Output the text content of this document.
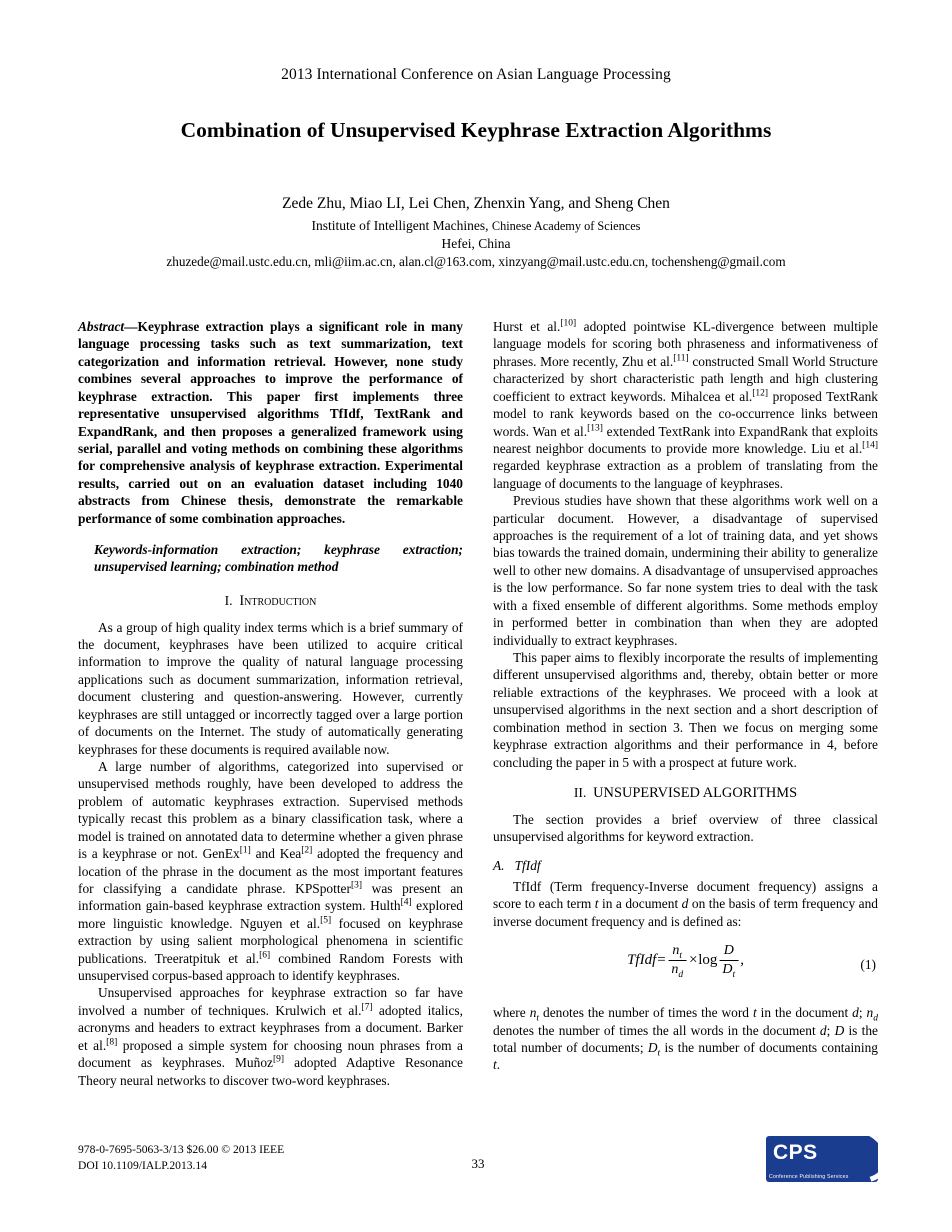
2013 International Conference on Asian Language Processing
Combination of Unsupervised Keyphrase Extraction Algorithms
Zede Zhu, Miao LI, Lei Chen, Zhenxin Yang, and Sheng Chen
Institute of Intelligent Machines, Chinese Academy of Sciences
Hefei, China
zhuzede@mail.ustc.edu.cn, mli@iim.ac.cn, alan.cl@163.com, xinzyang@mail.ustc.edu.cn, tochensheng@gmail.com
Abstract—Keyphrase extraction plays a significant role in many language processing tasks such as text summarization, text categorization and information retrieval. However, none study combines several approaches to improve the performance of keyphrase extraction. This paper first implements three representative unsupervised algorithms TfIdf, TextRank and ExpandRank, and then proposes a generalized framework using serial, parallel and voting methods on combining these algorithms for comprehensive analysis of keyphrase extraction. Experimental results, carried out on an evaluation dataset including 1040 abstracts from Chinese thesis, demonstrate the remarkable performance of some combination approaches.
Keywords-information extraction; keyphrase extraction; unsupervised learning; combination method
I. Introduction

As a group of high quality index terms which is a brief summary of the document, keyphrases have been utilized to acquire critical information to improve the quality of natural language processing applications such as document summarization, information retrieval, document clustering and question-answering. However, currently keyphrases are still untagged or incorrectly tagged over a large portion of documents on the Internet. The study of automatically generating keyphrases for these documents is required available now.

A large number of algorithms, categorized into supervised or unsupervised methods roughly, have been developed to address the problem of automatic keyphrases extraction. Supervised methods typically recast this problem as a binary classification task, where a model is trained on annotated data to determine whether a given phrase is a keyphrase or not. GenEx[1] and Kea[2] adopted the frequency and location of the phrase in the document as the most important features for classifying a candidate phrase. KPSpotter[3] was present an information gain-based keyphrase extraction system. Hulth[4] explored more linguistic knowledge. Nguyen et al.[5] focused on keyphrase extraction by using salient morphological phenomena in scientific publications. Treeratpituk et al.[6] combined Random Forests with unsupervised corpus-based approach to identify keyphrases.

Unsupervised approaches for keyphrase extraction so far have involved a number of techniques. Krulwich et al.[7] adopted italics, acronyms and headers to extract keyphrases from a document. Barker et al.[8] proposed a simple system for choosing noun phrases from a document as keyphrases. Muñoz[9] adopted Adaptive Resonance Theory neural networks to discover two-word keyphrases.

Hurst et al.[10] adopted pointwise KL-divergence between multiple language models for scoring both phraseness and informativeness of phrases. More recently, Zhu et al.[11] constructed Small World Structure characterized by short characteristic path length and high clustering coefficient to extract keywords. Mihalcea et al.[12] proposed TextRank model to rank keywords based on the co-occurrence links between words. Wan et al.[13] extended TextRank into ExpandRank that exploits nearest neighbor documents to provide more knowledge. Liu et al.[14] regarded keyphrase extraction as a problem of translating from the language of documents to the language of keyphrases.

Previous studies have shown that these algorithms work well on a particular document. However, a disadvantage of supervised approaches is the requirement of a lot of training data, and yet shows bias towards the trained domain, undermining their ability to generalize well to other new domains. A disadvantage of unsupervised approaches is the low performance. So far none system tries to deal with the task with a fixed ensemble of different algorithms. Some methods employ in performed better in combination than when they are adopted individually to extract keyphrases.

This paper aims to flexibly incorporate the results of implementing different unsupervised algorithms and, thereby, obtain better or more reliable extractions of the keyphrases. We proceed with a look at unsupervised algorithms in the next section and a short description of combination method in section 3. Then we focus on merging some keyphrase extraction algorithms and their performance in 4, before concluding the paper in 5 with a prospect at future work.

II. UNSUPERVISED ALGORITHMS

The section provides a brief overview of three classical unsupervised algorithms for keyword extraction.

A. TfIdf

TfIdf (Term frequency-Inverse document frequency) assigns a score to each term t in a document d on the basis of term frequency and inverse document frequency and is defined as:

TfIdf= $\frac{n_t}{n_d} \times\log \frac{D}{D_t}$ ,	(1)

where $n_t$ denotes the number of times the word t in the document d; $n_d$ denotes the number of times the all words in the document d; D is the total number of documents; $D_t$ is the number of documents containing t.

978-0-7695-5063-3/13 $26.00 © 2013 IEEE
DOI 10.1109/IALP.2013.14	33	CPS
Conference Publishing Services
